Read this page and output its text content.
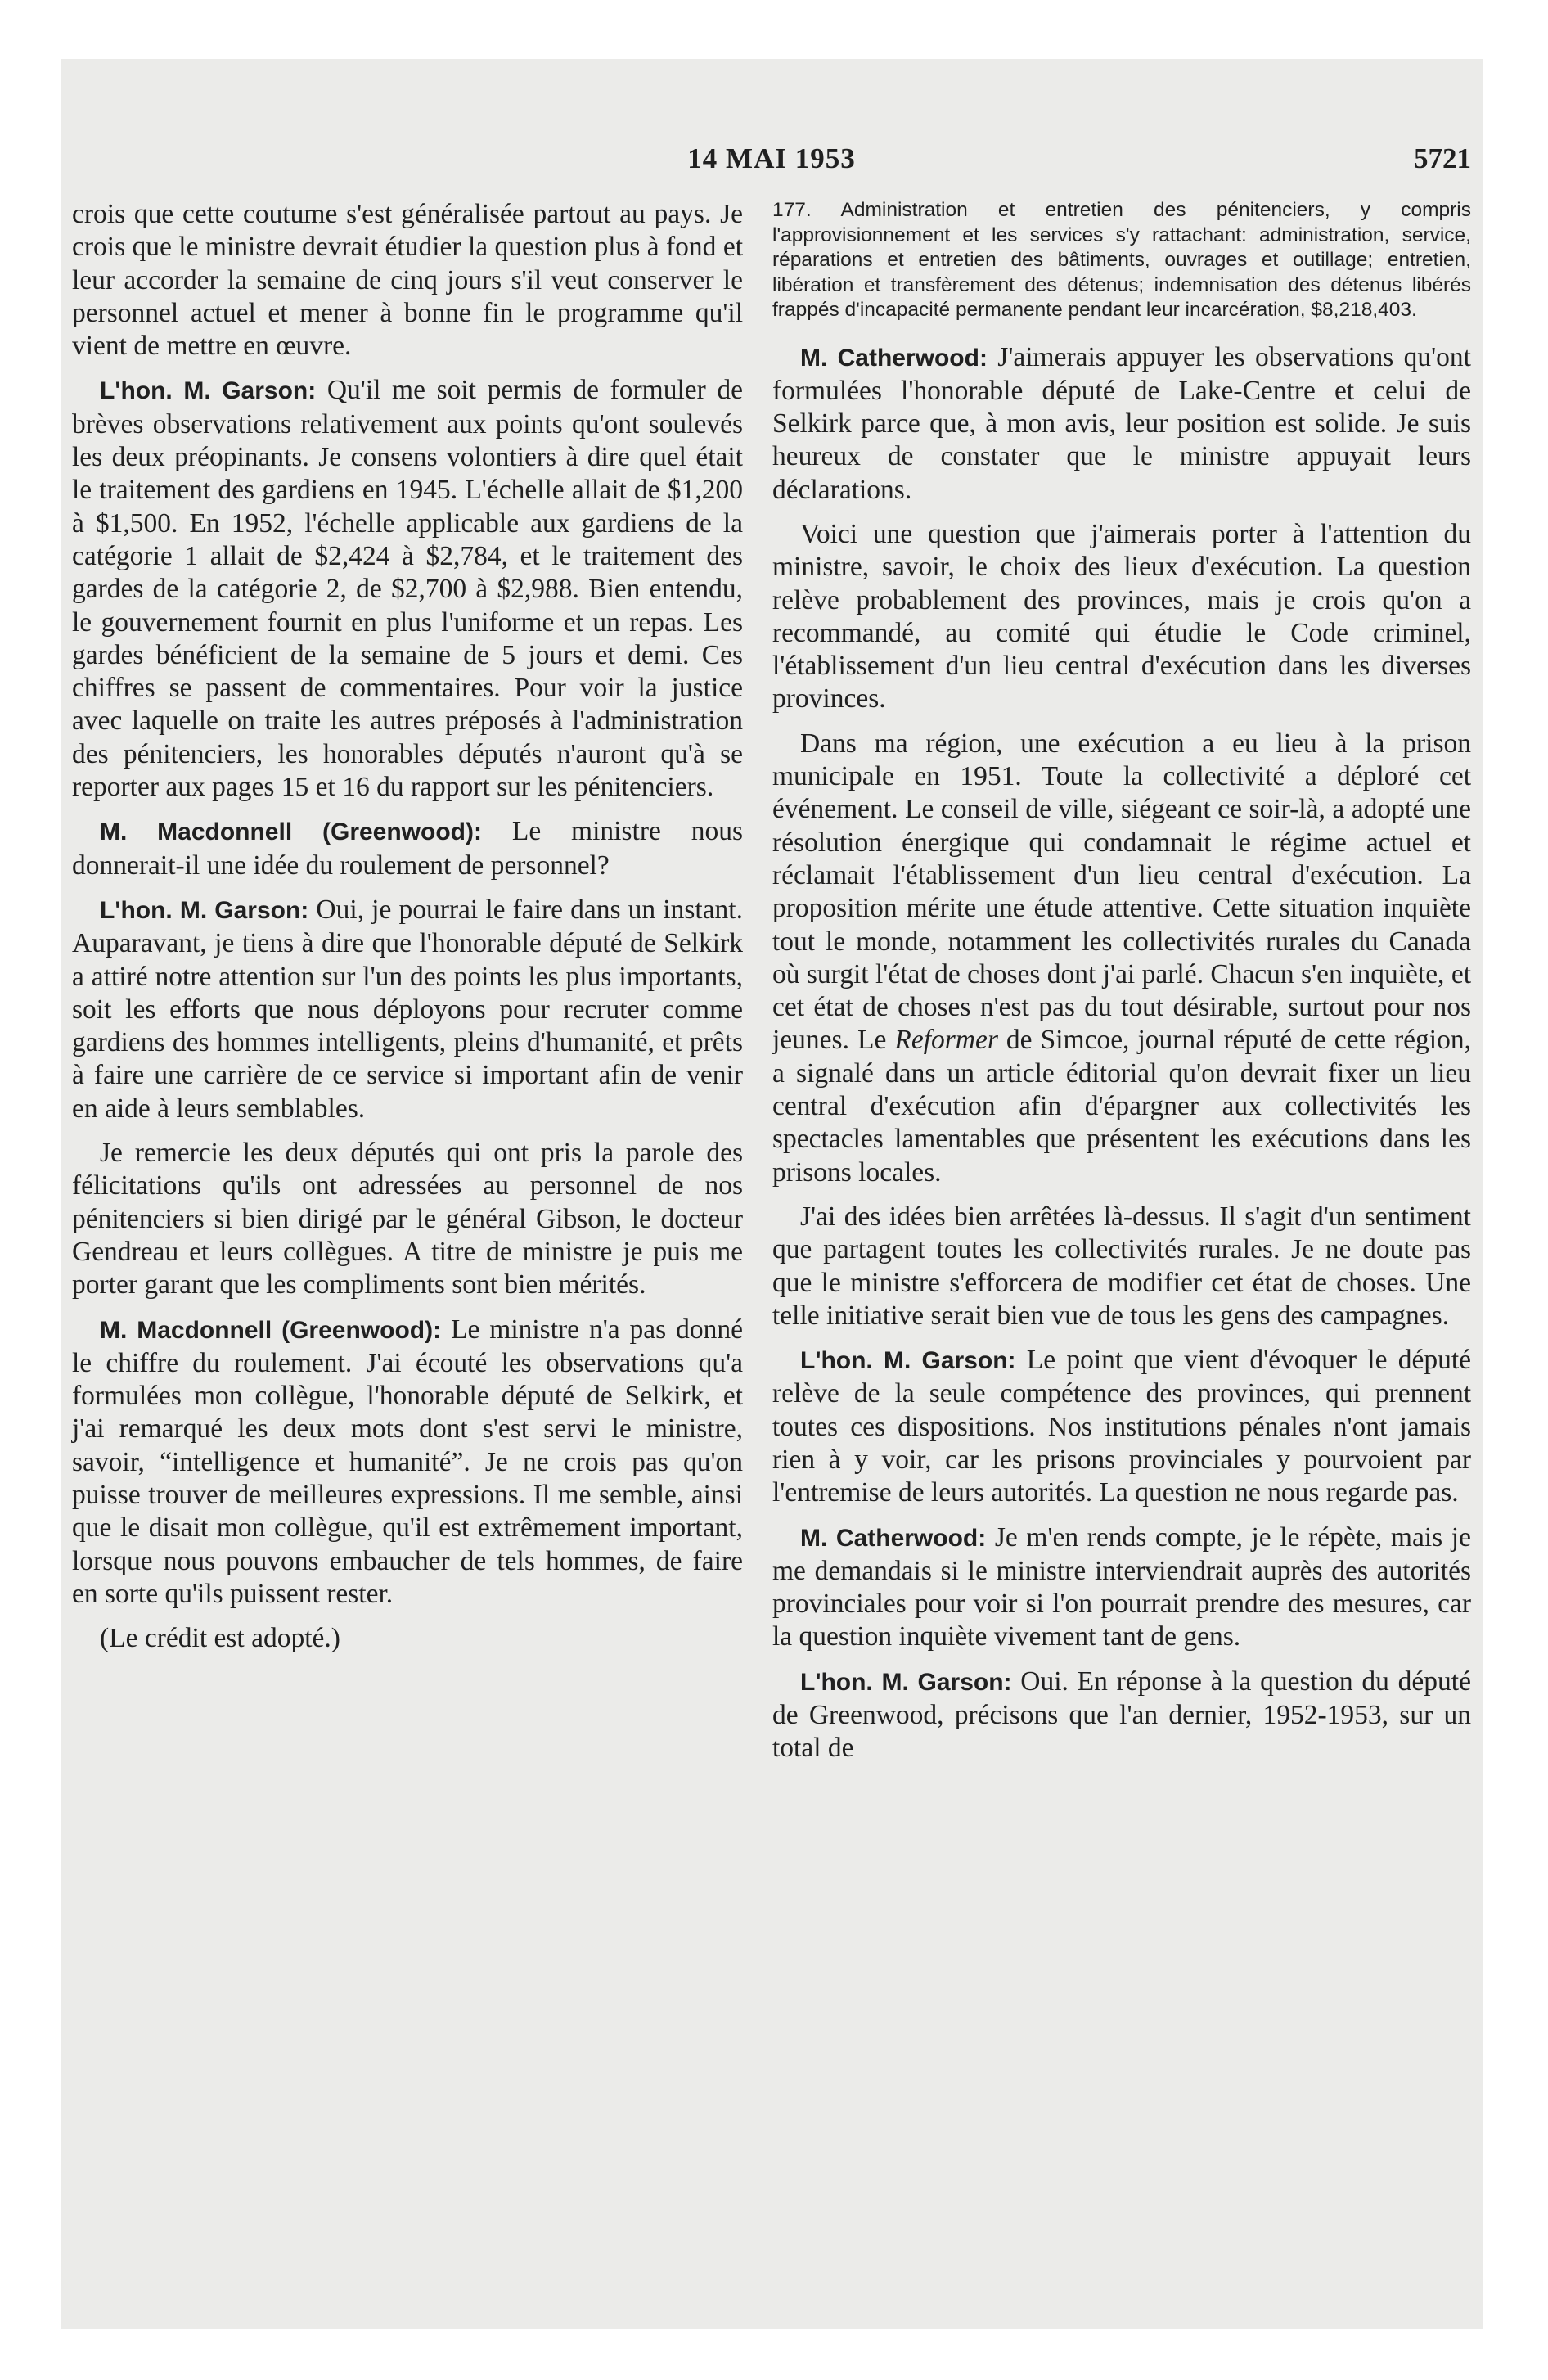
14 MAI 1953	5721

crois que cette coutume s'est généralisée partout au pays. Je crois que le ministre devrait étudier la question plus à fond et leur accorder la semaine de cinq jours s'il veut conserver le personnel actuel et mener à bonne fin le programme qu'il vient de mettre en œuvre.

L'hon. M. Garson: Qu'il me soit permis de formuler de brèves observations relativement aux points qu'ont soulevés les deux préopinants. Je consens volontiers à dire quel était le traitement des gardiens en 1945. L'échelle allait de $1,200 à $1,500. En 1952, l'échelle applicable aux gardiens de la catégorie 1 allait de $2,424 à $2,784, et le traitement des gardes de la catégorie 2, de $2,700 à $2,988. Bien entendu, le gouvernement fournit en plus l'uniforme et un repas. Les gardes bénéficient de la semaine de 5 jours et demi. Ces chiffres se passent de commentaires. Pour voir la justice avec laquelle on traite les autres préposés à l'administration des pénitenciers, les honorables députés n'auront qu'à se reporter aux pages 15 et 16 du rapport sur les pénitenciers.

M. Macdonnell (Greenwood): Le ministre nous donnerait-il une idée du roulement de personnel?

L'hon. M. Garson: Oui, je pourrai le faire dans un instant. Auparavant, je tiens à dire que l'honorable député de Selkirk a attiré notre attention sur l'un des points les plus importants, soit les efforts que nous déployons pour recruter comme gardiens des hommes intelligents, pleins d'humanité, et prêts à faire une carrière de ce service si important afin de venir en aide à leurs semblables.

Je remercie les deux députés qui ont pris la parole des félicitations qu'ils ont adressées au personnel de nos pénitenciers si bien dirigé par le général Gibson, le docteur Gendreau et leurs collègues. A titre de ministre je puis me porter garant que les compliments sont bien mérités.

M. Macdonnell (Greenwood): Le ministre n'a pas donné le chiffre du roulement. J'ai écouté les observations qu'a formulées mon collègue, l'honorable député de Selkirk, et j'ai remarqué les deux mots dont s'est servi le ministre, savoir, “intelligence et humanité”. Je ne crois pas qu'on puisse trouver de meilleures expressions. Il me semble, ainsi que le disait mon collègue, qu'il est extrêmement important, lorsque nous pouvons embaucher de tels hommes, de faire en sorte qu'ils puissent rester.

(Le crédit est adopté.)

177. Administration et entretien des pénitenciers, y compris l'approvisionnement et les services s'y rattachant: administration, service, réparations et entretien des bâtiments, ouvrages et outillage; entretien, libération et transfèrement des détenus; indemnisation des détenus libérés frappés d'incapacité permanente pendant leur incarcération, $8,218,403.

M. Catherwood: J'aimerais appuyer les observations qu'ont formulées l'honorable député de Lake-Centre et celui de Selkirk parce que, à mon avis, leur position est solide. Je suis heureux de constater que le ministre appuyait leurs déclarations.

Voici une question que j'aimerais porter à l'attention du ministre, savoir, le choix des lieux d'exécution. La question relève probablement des provinces, mais je crois qu'on a recommandé, au comité qui étudie le Code criminel, l'établissement d'un lieu central d'exécution dans les diverses provinces.

Dans ma région, une exécution a eu lieu à la prison municipale en 1951. Toute la collectivité a déploré cet événement. Le conseil de ville, siégeant ce soir-là, a adopté une résolution énergique qui condamnait le régime actuel et réclamait l'établissement d'un lieu central d'exécution. La proposition mérite une étude attentive. Cette situation inquiète tout le monde, notamment les collectivités rurales du Canada où surgit l'état de choses dont j'ai parlé. Chacun s'en inquiète, et cet état de choses n'est pas du tout désirable, surtout pour nos jeunes. Le Reformer de Simcoe, journal réputé de cette région, a signalé dans un article éditorial qu'on devrait fixer un lieu central d'exécution afin d'épargner aux collectivités les spectacles lamentables que présentent les exécutions dans les prisons locales.

J'ai des idées bien arrêtées là-dessus. Il s'agit d'un sentiment que partagent toutes les collectivités rurales. Je ne doute pas que le ministre s'efforcera de modifier cet état de choses. Une telle initiative serait bien vue de tous les gens des campagnes.

L'hon. M. Garson: Le point que vient d'évoquer le député relève de la seule compétence des provinces, qui prennent toutes ces dispositions. Nos institutions pénales n'ont jamais rien à y voir, car les prisons provinciales y pourvoient par l'entremise de leurs autorités. La question ne nous regarde pas.

M. Catherwood: Je m'en rends compte, je le répète, mais je me demandais si le ministre interviendrait auprès des autorités provinciales pour voir si l'on pourrait prendre des mesures, car la question inquiète vivement tant de gens.

L'hon. M. Garson: Oui. En réponse à la question du député de Greenwood, précisons que l'an dernier, 1952-1953, sur un total de
